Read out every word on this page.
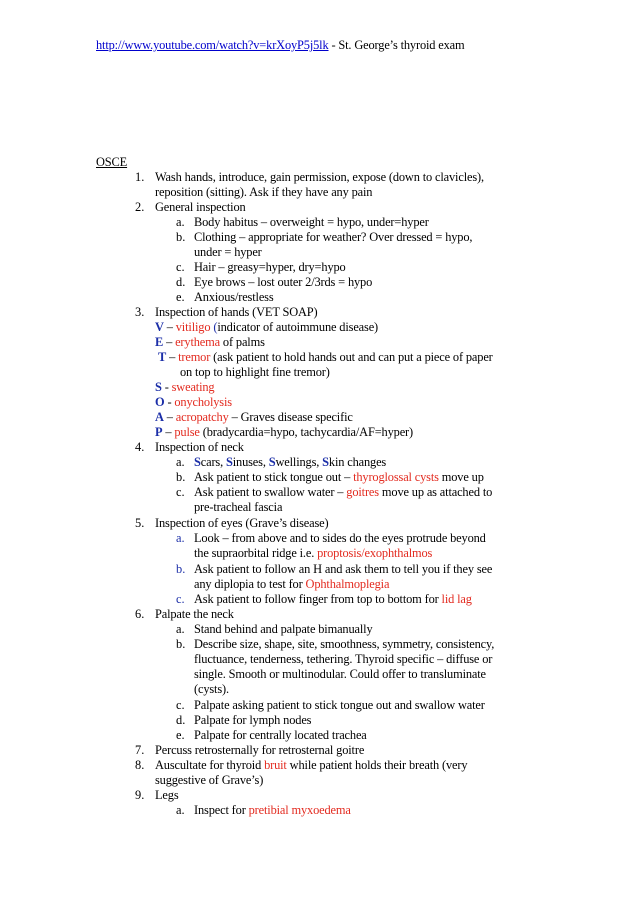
http://www.youtube.com/watch?v=krXoyP5j5lk - St. George’s thyroid exam
OSCE
1. Wash hands, introduce, gain permission, expose (down to clavicles),
reposition (sitting). Ask if they have any pain
2. General inspection
a. Body habitus – overweight = hypo, under=hyper
b. Clothing – appropriate for weather? Over dressed = hypo,
under = hyper
c. Hair – greasy=hyper, dry=hypo
d. Eye brows – lost outer 2/3rds = hypo
e. Anxious/restless
3. Inspection of hands (VET SOAP)
V – vitiligo (indicator of autoimmune disease)
E – erythema of palms
T – tremor (ask patient to hold hands out and can put a piece of paper
on top to highlight fine tremor)
S - sweating
O - onycholysis
A – acropatchy – Graves disease specific
P – pulse (bradycardia=hypo, tachycardia/AF=hyper)
4. Inspection of neck
a. Scars, Sinuses, Swellings, Skin changes
b. Ask patient to stick tongue out – thyroglossal cysts move up
c. Ask patient to swallow water – goitres move up as attached to
pre-tracheal fascia
5. Inspection of eyes (Grave’s disease)
a. Look – from above and to sides do the eyes protrude beyond
the supraorbital ridge i.e. proptosis/exophthalmos
b. Ask patient to follow an H and ask them to tell you if they see
any diplopia to test for Ophthalmoplegia
c. Ask patient to follow finger from top to bottom for lid lag
6. Palpate the neck
a. Stand behind and palpate bimanually
b. Describe size, shape, site, smoothness, symmetry, consistency,
fluctuance, tenderness, tethering. Thyroid specific – diffuse or
single. Smooth or multinodular. Could offer to transluminate
(cysts).
c. Palpate asking patient to stick tongue out and swallow water
d. Palpate for lymph nodes
e. Palpate for centrally located trachea
7. Percuss retrosternally for retrosternal goitre
8. Auscultate for thyroid bruit while patient holds their breath (very
suggestive of Grave’s)
9. Legs
a. Inspect for pretibial myxoedema
